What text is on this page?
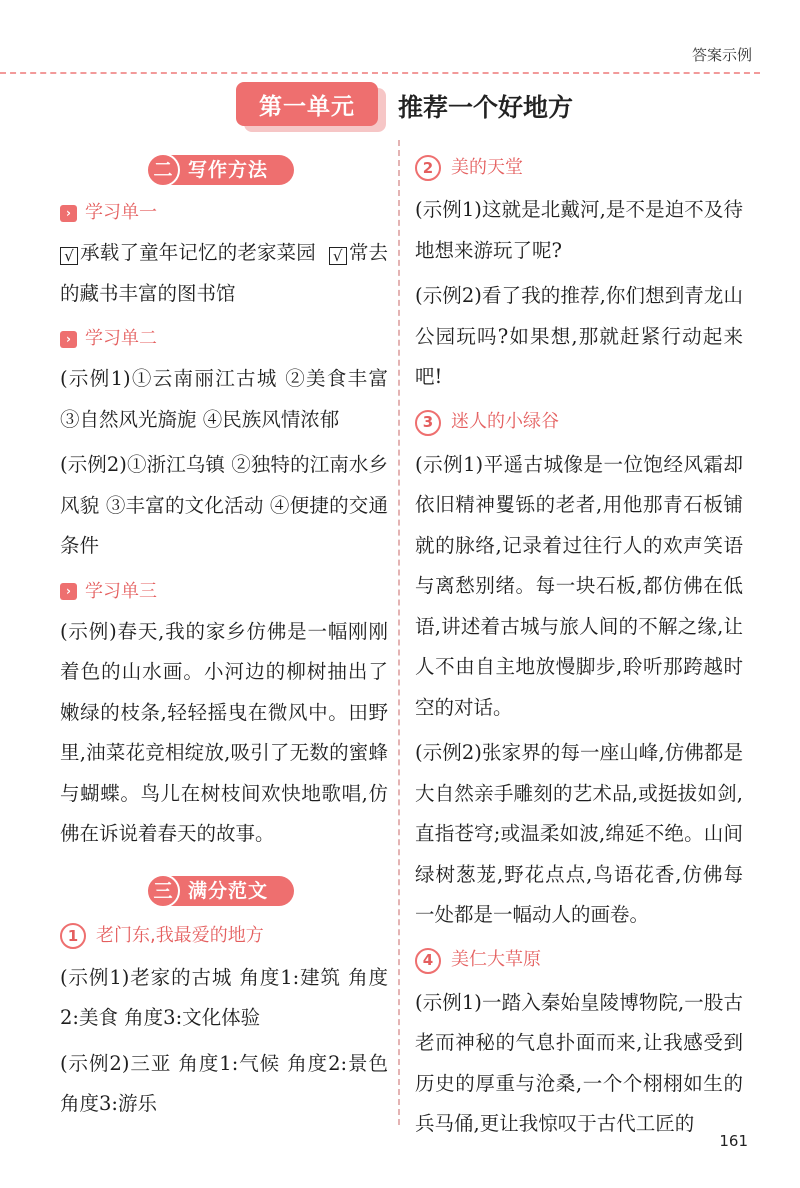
答案示例
第一单元	推荐一个好地方
二 写作方法
› 学习单一

√ 承载了童年记忆的老家菜园 √ 常去的藏书丰富的图书馆

› 学习单二

(示例1)①云南丽江古城 ②美食丰富 ③自然风光旖旎 ④民族风情浓郁

(示例2)①浙江乌镇 ②独特的江南水乡风貌 ③丰富的文化活动 ④便捷的交通条件

› 学习单三

(示例)春天,我的家乡仿佛是一幅刚刚着色的山水画。小河边的柳树抽出了嫩绿的枝条,轻轻摇曳在微风中。田野里,油菜花竞相绽放,吸引了无数的蜜蜂与蝴蝶。鸟儿在树枝间欢快地歌唱,仿佛在诉说着春天的故事。

三 满分范文
1 老门东,我最爱的地方

(示例1)老家的古城 角度1:建筑 角度2:美食 角度3:文化体验

(示例2)三亚 角度1:气候 角度2:景色 角度3:游乐

2 美的天堂

(示例1)这就是北戴河,是不是迫不及待地想来游玩了呢?

(示例2)看了我的推荐,你们想到青龙山公园玩吗?如果想,那就赶紧行动起来吧!

3 迷人的小绿谷

(示例1)平遥古城像是一位饱经风霜却依旧精神矍铄的老者,用他那青石板铺就的脉络,记录着过往行人的欢声笑语与离愁别绪。每一块石板,都仿佛在低语,讲述着古城与旅人间的不解之缘,让人不由自主地放慢脚步,聆听那跨越时空的对话。

(示例2)张家界的每一座山峰,仿佛都是大自然亲手雕刻的艺术品,或挺拔如剑,直指苍穹;或温柔如波,绵延不绝。山间绿树葱茏,野花点点,鸟语花香,仿佛每一处都是一幅动人的画卷。

4 美仁大草原

(示例1)一踏入秦始皇陵博物院,一股古老而神秘的气息扑面而来,让我感受到历史的厚重与沧桑,一个个栩栩如生的兵马俑,更让我惊叹于古代工匠的

161
